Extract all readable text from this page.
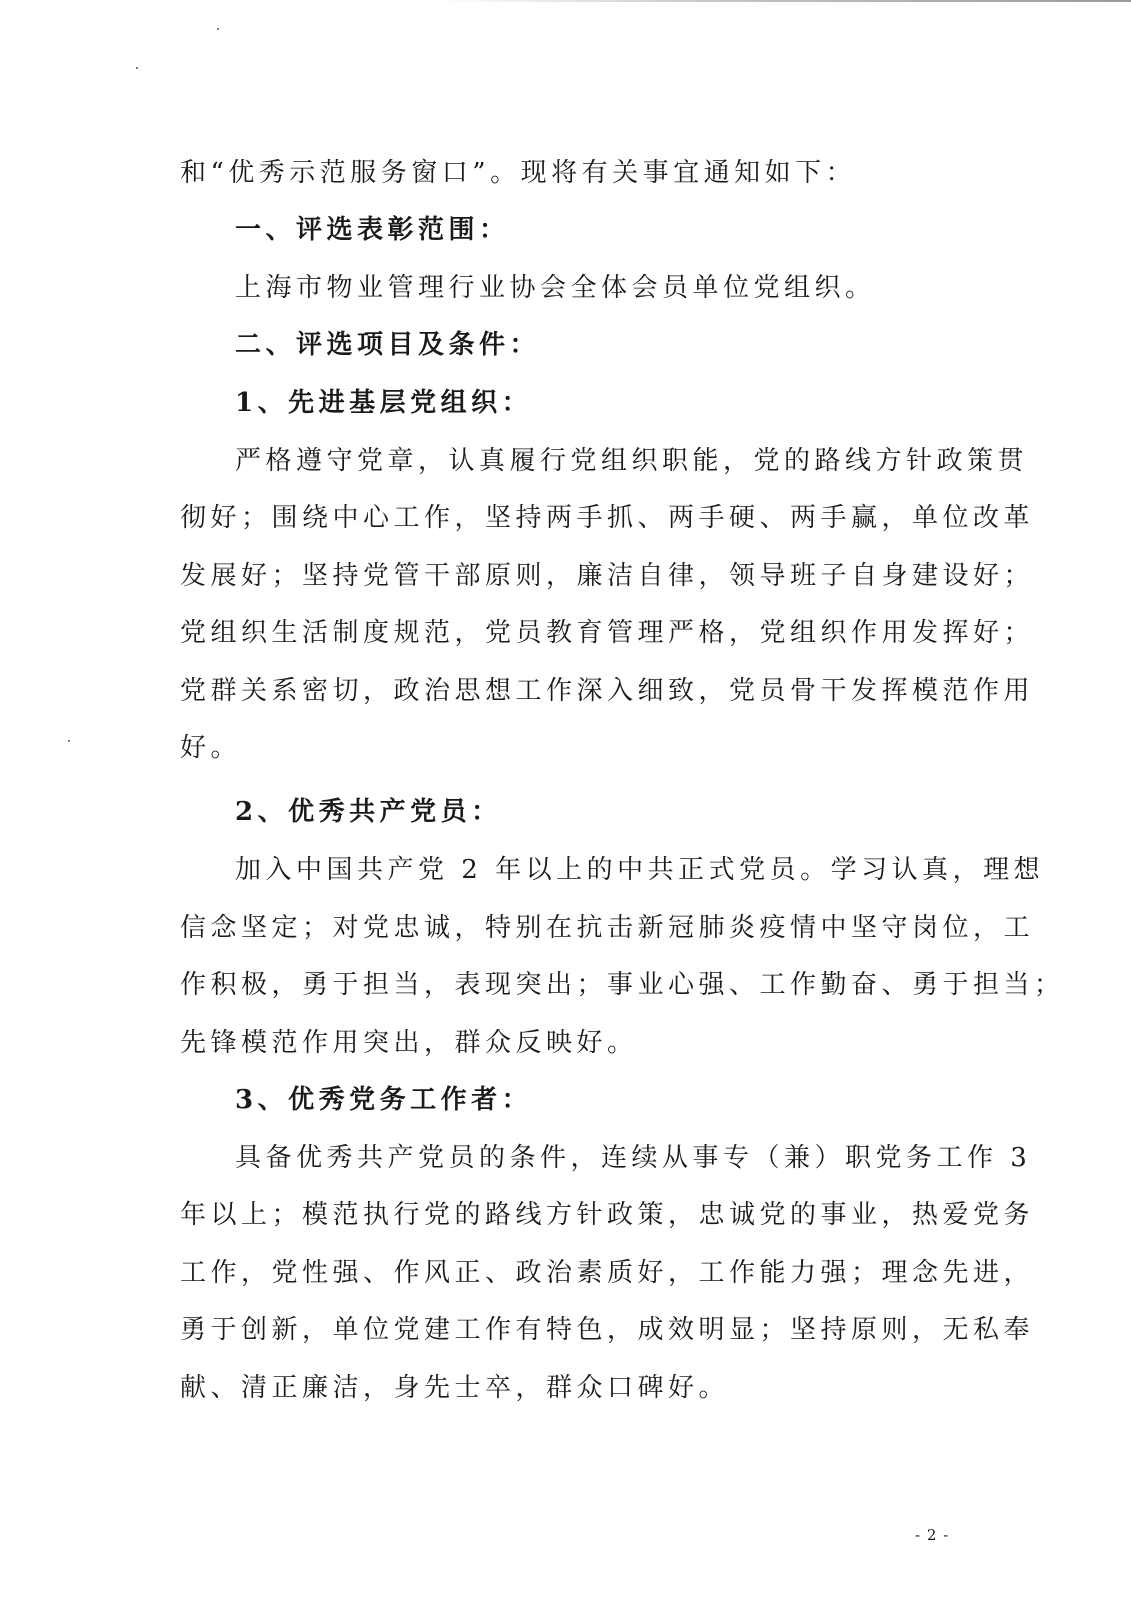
和“优秀示范服务窗口”。现将有关事宜通知如下：
一、评选表彰范围：
上海市物业管理行业协会全体会员单位党组织。
二、评选项目及条件：
1、先进基层党组织：
严格遵守党章，认真履行党组织职能，党的路线方针政策贯
彻好；围绕中心工作，坚持两手抓、两手硬、两手赢，单位改革
发展好；坚持党管干部原则，廉洁自律，领导班子自身建设好；
党组织生活制度规范，党员教育管理严格，党组织作用发挥好；
党群关系密切，政治思想工作深入细致，党员骨干发挥模范作用
好。
2、优秀共产党员：
加入中国共产党 2 年以上的中共正式党员。学习认真，理想
信念坚定；对党忠诚，特别在抗击新冠肺炎疫情中坚守岗位，工
作积极，勇于担当，表现突出；事业心强、工作勤奋、勇于担当；
先锋模范作用突出，群众反映好。
3、优秀党务工作者：
具备优秀共产党员的条件，连续从事专（兼）职党务工作 3
年以上；模范执行党的路线方针政策，忠诚党的事业，热爱党务
工作，党性强、作风正、政治素质好，工作能力强；理念先进，
勇于创新，单位党建工作有特色，成效明显；坚持原则，无私奉
献、清正廉洁，身先士卒，群众口碑好。
- 2 -
